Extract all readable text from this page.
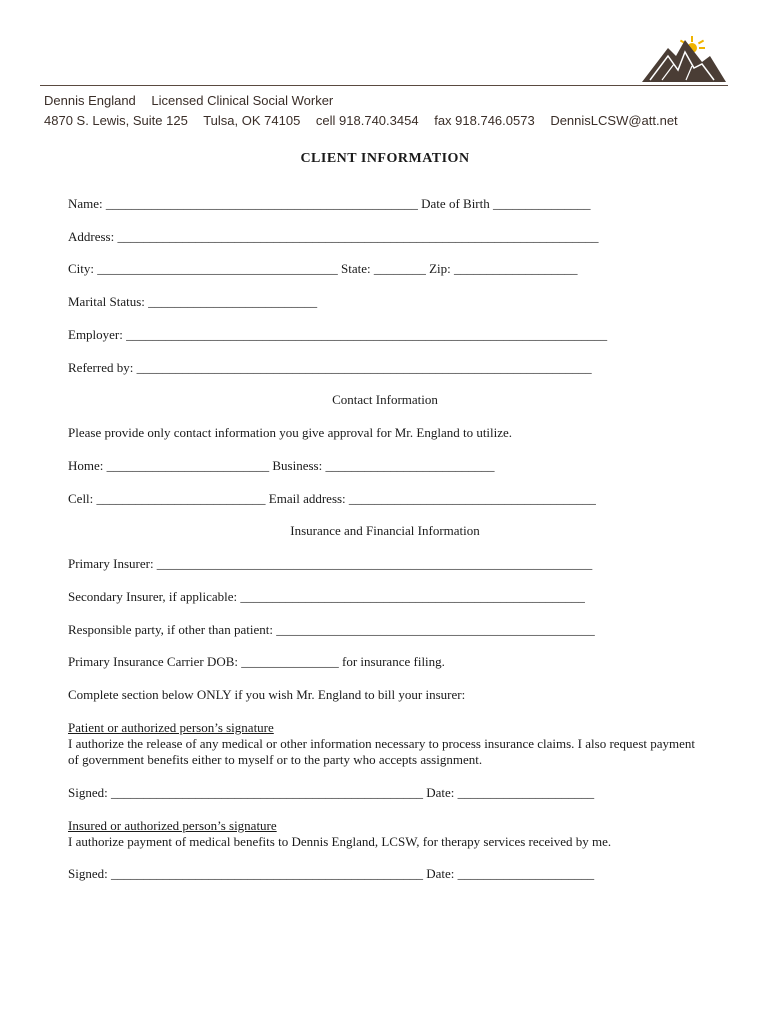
Dennis England Licensed Clinical Social Worker
4870 S. Lewis, Suite 125 Tulsa, OK 74105 cell 918.740.3454 fax 918.746.0573 DennisLCSW@att.net
CLIENT INFORMATION
Name: ________________________________________________ Date of Birth _______________
Address: __________________________________________________________________________
City: _____________________________________ State: ________ Zip: ___________________
Marital Status: __________________________
Employer: __________________________________________________________________________
Referred by: ______________________________________________________________________
Contact Information
Please provide only contact information you give approval for Mr. England to utilize.
Home: _________________________ Business: __________________________
Cell: __________________________ Email address: ______________________________________
Insurance and Financial Information
Primary Insurer: ___________________________________________________________________
Secondary Insurer, if applicable: _____________________________________________________
Responsible party, if other than patient: _________________________________________________
Primary Insurance Carrier DOB: _______________ for insurance filing.
Complete section below ONLY if you wish Mr. England to bill your insurer:
Patient or authorized person’s signature
I authorize the release of any medical or other information necessary to process insurance claims. I also request payment of government benefits either to myself or to the party who accepts assignment.
Signed: ________________________________________________ Date: _____________________
Insured or authorized person’s signature
I authorize payment of medical benefits to Dennis England, LCSW, for therapy services received by me.
Signed: ________________________________________________ Date: _____________________
